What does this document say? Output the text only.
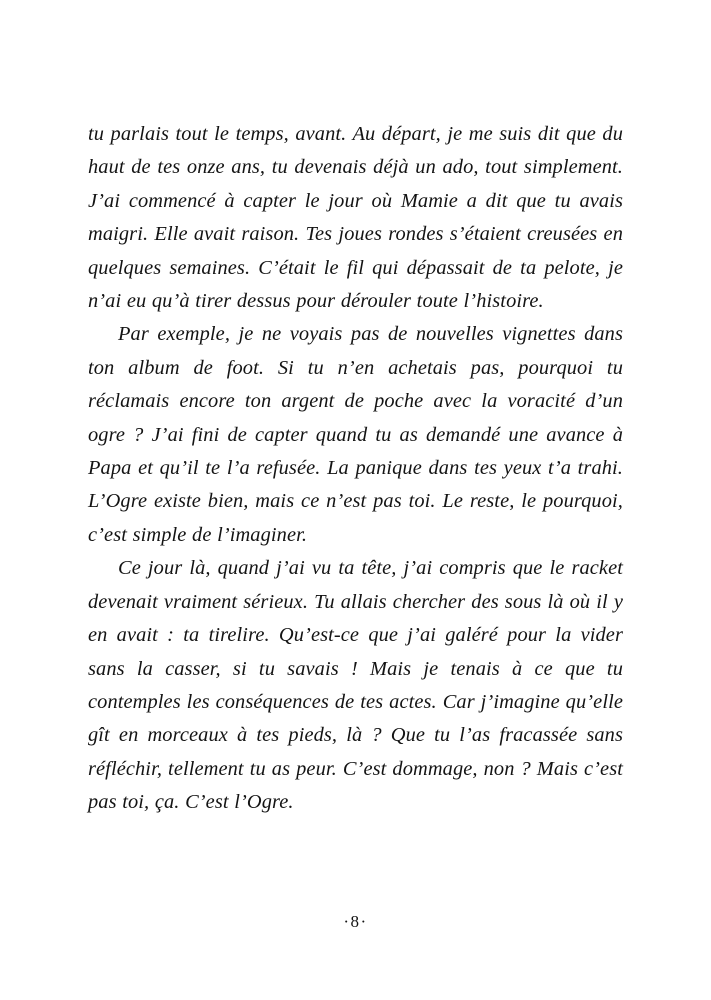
tu parlais tout le temps, avant. Au départ, je me suis dit que du haut de tes onze ans, tu devenais déjà un ado, tout simplement. J’ai commencé à capter le jour où Mamie a dit que tu avais maigri. Elle avait raison. Tes joues rondes s’étaient creusées en quelques semaines. C’était le fil qui dépassait de ta pelote, je n’ai eu qu’à tirer dessus pour dérouler toute l’histoire.

Par exemple, je ne voyais pas de nouvelles vignettes dans ton album de foot. Si tu n’en achetais pas, pourquoi tu réclamais encore ton argent de poche avec la voracité d’un ogre ? J’ai fini de capter quand tu as demandé une avance à Papa et qu’il te l’a refusée. La panique dans tes yeux t’a trahi. L’Ogre existe bien, mais ce n’est pas toi. Le reste, le pourquoi, c’est simple de l’imaginer.

Ce jour là, quand j’ai vu ta tête, j’ai compris que le racket devenait vraiment sérieux. Tu allais chercher des sous là où il y en avait : ta tirelire. Qu’est-ce que j’ai galéré pour la vider sans la casser, si tu savais ! Mais je tenais à ce que tu contemples les conséquences de tes actes. Car j’imagine qu’elle gît en morceaux à tes pieds, là ? Que tu l’as fracassée sans réfléchir, tellement tu as peur. C’est dommage, non ? Mais c’est pas toi, ça. C’est l’Ogre.

·8·
